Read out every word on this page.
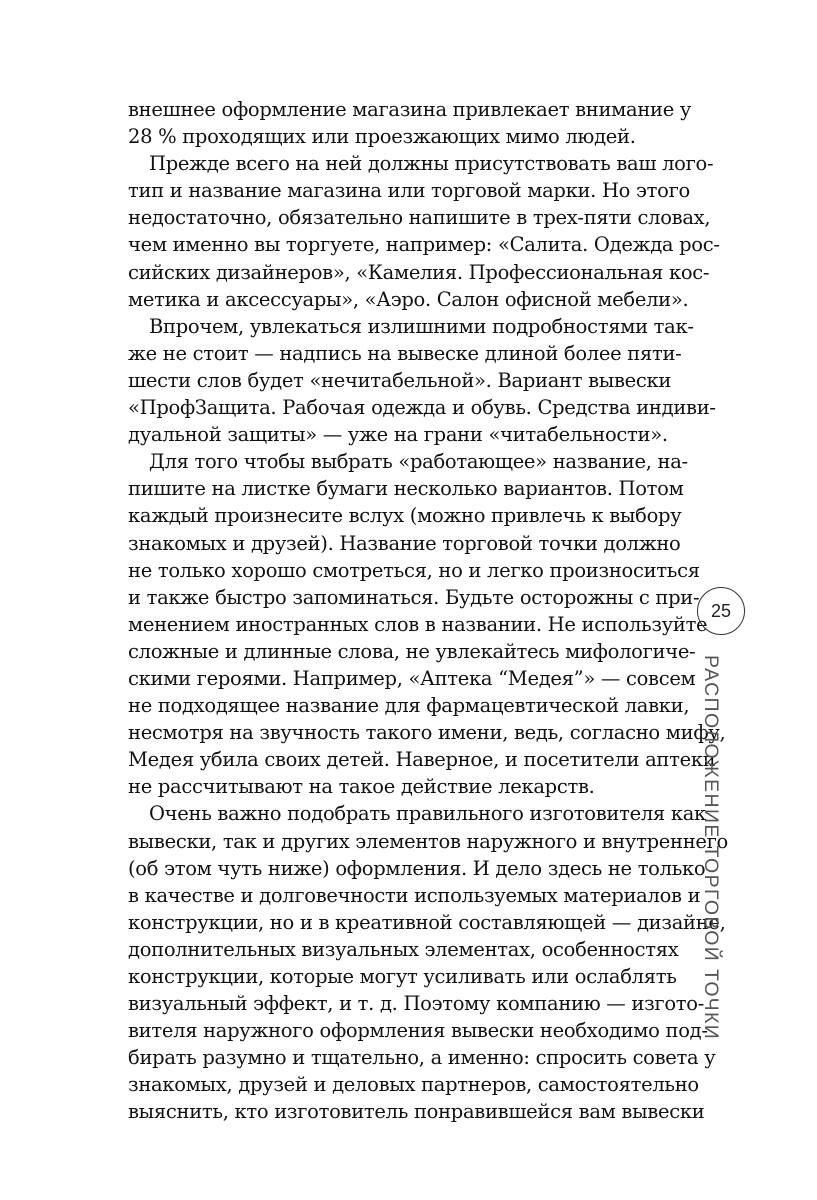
внешнее оформление магазина привлекает внимание у
28 % проходящих или проезжающих мимо людей.
Прежде всего на ней должны присутствовать ваш лого-
тип и название магазина или торговой марки. Но этого
недостаточно, обязательно напишите в трех-пяти словах,
чем именно вы торгуете, например: «Салита. Одежда рос-
сийских дизайнеров», «Камелия. Профессиональная кос-
метика и аксессуары», «Аэро. Салон офисной мебели».
Впрочем, увлекаться излишними подробностями так-
же не стоит — надпись на вывеске длиной более пяти-
шести слов будет «нечитабельной». Вариант вывески
«ПрофЗащита. Рабочая одежда и обувь. Средства индиви-
дуальной защиты» — уже на грани «читабельности».
Для того чтобы выбрать «работающее» название, на-
пишите на листке бумаги несколько вариантов. Потом
каждый произнесите вслух (можно привлечь к выбору
знакомых и друзей). Название торговой точки должно
не только хорошо смотреться, но и легко произноситься
и также быстро запоминаться. Будьте осторожны с при-
менением иностранных слов в названии. Не используйте
сложные и длинные слова, не увлекайтесь мифологиче-
скими героями. Например, «Аптека “Медея”» — совсем
не подходящее название для фармацевтической лавки,
несмотря на звучность такого имени, ведь, согласно мифу,
Медея убила своих детей. Наверное, и посетители аптеки
не рассчитывают на такое действие лекарств.
Очень важно подобрать правильного изготовителя как
вывески, так и других элементов наружного и внутреннего
(об этом чуть ниже) оформления. И дело здесь не только
в качестве и долговечности используемых материалов и
конструкции, но и в креативной составляющей — дизайне,
дополнительных визуальных элементах, особенностях
конструкции, которые могут усиливать или ослаблять
визуальный эффект, и т. д. Поэтому компанию — изгото-
вителя наружного оформления вывески необходимо под-
бирать разумно и тщательно, а именно: спросить совета у
знакомых, друзей и деловых партнеров, самостоятельно
выяснить, кто изготовитель понравившейся вам вывески
25
РАСПОЛОЖЕНИЕ ТОРГОВОЙ ТОЧКИ
